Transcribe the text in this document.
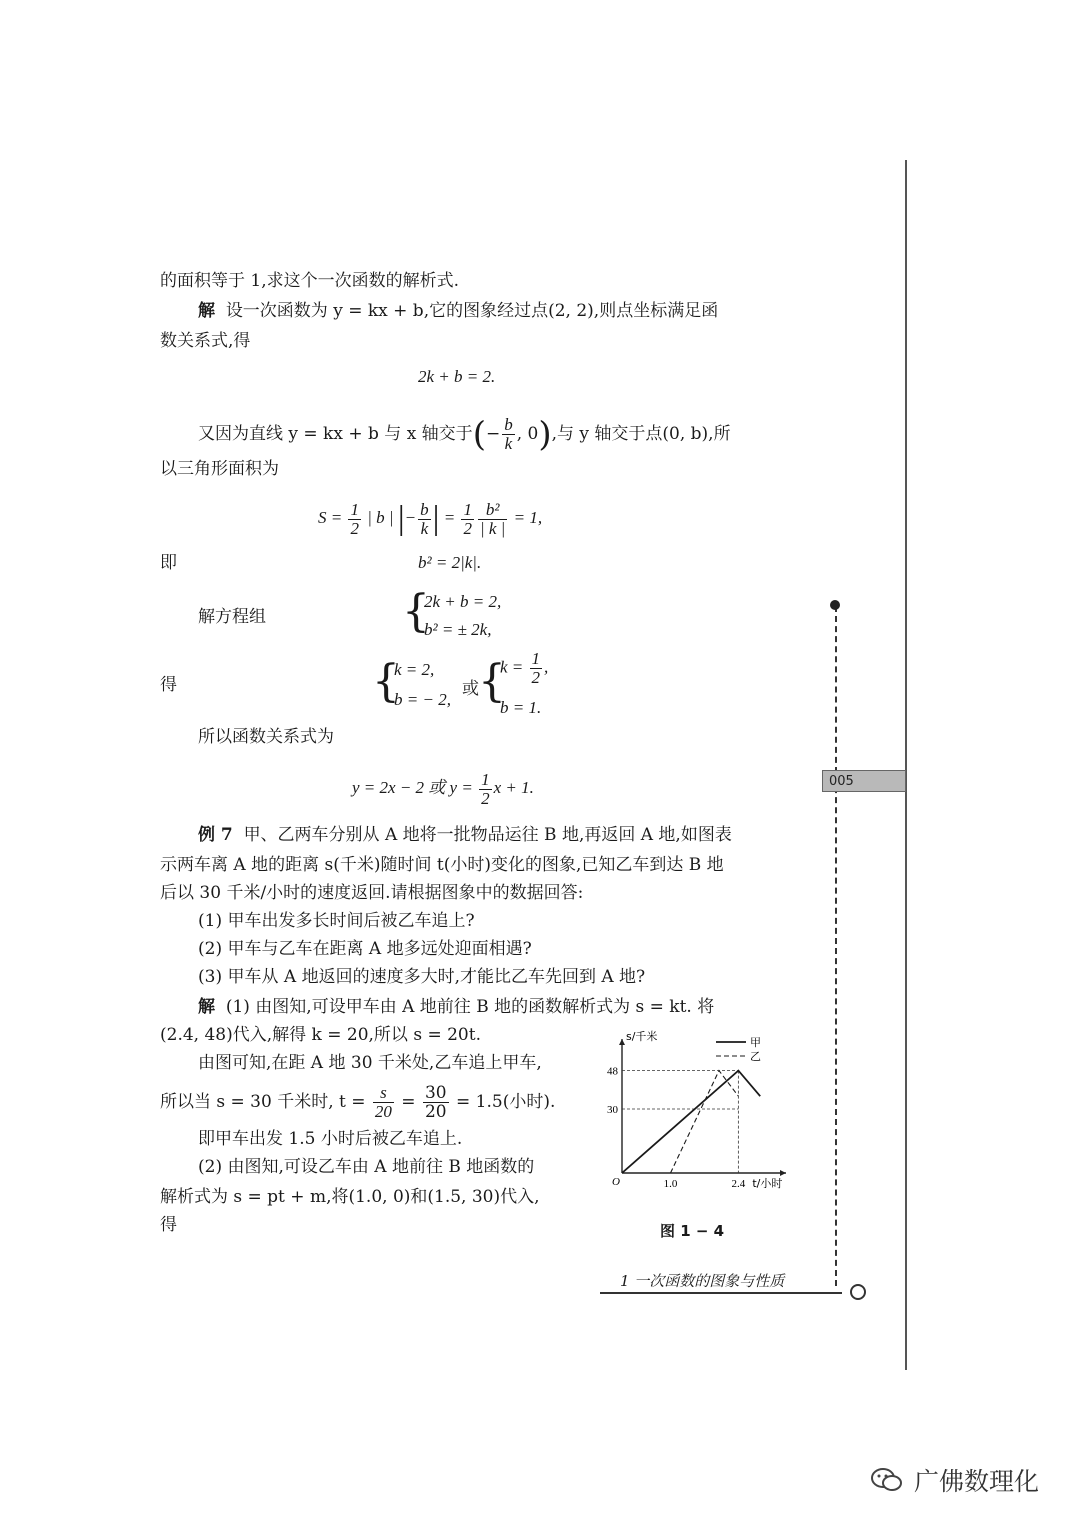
005
的面积等于 1,求这个一次函数的解析式.
解 设一次函数为 y = kx + b,它的图象经过点(2, 2),则点坐标满足函
数关系式,得
2k + b = 2.
又因为直线 y = kx + b 与 x 轴交于(− $\frac{b}{k}$ , 0),与 y 轴交于点(0, b),所
以三角形面积为
$S = \frac{1}{2}$ | b | |− $\frac{b}{k}$ | = $\frac{1}{2} \frac{\text{b²}}{| k |} = 1$,
即	b² = 2|k|.
解方程组	{
2k + b = 2,
b² = ± 2k,
得	{
k = 2,
b = − 2,
或 {
$k = \frac{1}{2}$ ,
b = 1.
所以函数关系式为
y = 2x − 2 或 $y = \frac{1}{2}$ x + 1.
例 7 甲、乙两车分别从 A 地将一批物品运往 B 地,再返回 A 地,如图表
示两车离 A 地的距离 s(千米)随时间 t(小时)变化的图象,已知乙车到达 B 地
后以 30 千米/小时的速度返回.请根据图象中的数据回答:
(1) 甲车出发多长时间后被乙车追上?
(2) 甲车与乙车在距离 A 地多远处迎面相遇?
(3) 甲车从 A 地返回的速度多大时,才能比乙车先回到 A 地?
解 (1) 由图知,可设甲车由 A 地前往 B 地的函数解析式为 s = kt. 将
(2.4, 48)代入,解得 k = 20,所以 s = 20t.
由图可知,在距 A 地 30 千米处,乙车追上甲车,
所以当 s = 30 千米时, $t = \frac{s}{20} = \frac{30}{20} = 1.5$(小时).
即甲车出发 1.5 小时后被乙车追上.
(2) 由图知,可设乙车由 A 地前往 B 地函数的
解析式为 s = pt + m,将(1.0, 0)和(1.5, 30)代入,
得
30
48
1.0	2.4
O	t/小时
s/千米	甲
乙
图 1 − 4
1 一次函数的图象与性质
广佛数理化
